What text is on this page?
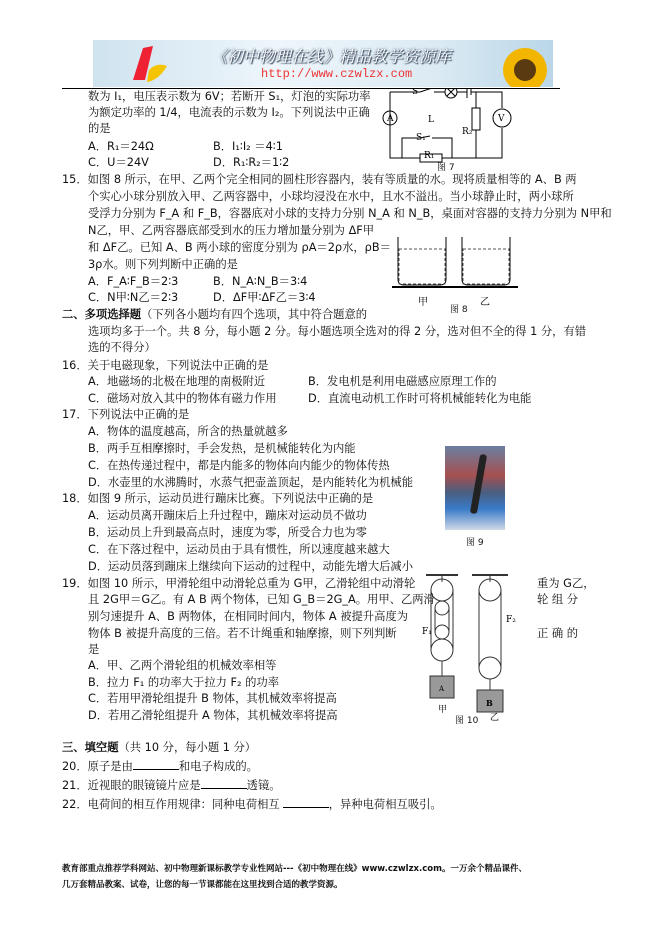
《初中物理在线》精品教学资源库
http://www.czwlzx.com
数为 I₁，电压表示数为 6V；若断开 S₁，灯泡的实际功率
为额定功率的 1/4，电流表的示数为 I₂。下列说法中正确
的是
A．R₁＝24Ω	B．I₁∶I₂ ＝4∶1
C．U＝24V	D．R₁∶R₂＝1∶2
S
L
S₁
R₁
R₂
A	V
图 7
15．如图 8 所示，在甲、乙两个完全相同的圆柱形容器内，装有等质量的水。现将质量相等的 A、B 两
个实心小球分别放入甲、乙两容器中，小球均浸没在水中，且水不溢出。当小球静止时，两小球所
受浮力分别为 F_A 和 F_B，容器底对小球的支持力分别 N_A 和 N_B，桌面对容器的支持力分别为 N甲和
N乙，甲、乙两容器底部受到水的压力增加量分别为 ΔF甲
和 ΔF乙。已知 A、B 两小球的密度分别为 ρA＝2ρ水，ρB＝
3ρ水。则下列判断中正确的是
A．F_A∶F_B＝2∶3	B．N_A∶N_B＝3∶4
C．N甲∶N乙＝2∶3	D．ΔF甲∶ΔF乙＝3∶4	甲	乙
图 8
二、多项选择题（下列各小题均有四个选项，其中符合题意的
选项均多于一个。共 8 分，每小题 2 分。每小题选项全选对的得 2 分，选对但不全的得 1 分，有错
选的不得分）
16．关于电磁现象，下列说法中正确的是
A．地磁场的北极在地理的南极附近	B．发电机是利用电磁感应原理工作的
C．磁场对放入其中的物体有磁力作用	D．直流电动机工作时可将机械能转化为电能
17．下列说法中正确的是
A．物体的温度越高，所含的热量就越多
B．两手互相摩擦时，手会发热，是机械能转化为内能
C．在热传递过程中，都是内能多的物体向内能少的物体传热
D．水壶里的水沸腾时，水蒸气把壶盖顶起，是内能转化为机械能
18．如图 9 所示，运动员进行蹦床比赛。下列说法中正确的是
A．运动员离开蹦床后上升过程中，蹦床对运动员不做功
B．运动员上升到最高点时，速度为零，所受合力也为零
C．在下落过程中，运动员由于具有惯性，所以速度越来越大
D．运动员落到蹦床上继续向下运动的过程中，动能先增大后减小
图 9
19．如图 10 所示，甲滑轮组中动滑轮总重为 G甲，乙滑轮组中动滑轮	重为 G乙，
且 2G甲＝G乙。有 A B 两个物体，已知 G_B＝2G_A。用甲、乙两滑	轮 组 分
别匀速提升 A、B 两物体，在相同时间内，物体 A 被提升高度为
物体 B 被提升高度的三倍。若不计绳重和轴摩擦，则下列判断	正 确 的
是
A．甲、乙两个滑轮组的机械效率相等
B．拉力 F₁ 的功率大于拉力 F₂ 的功率
C．若用甲滑轮组提升 B 物体，其机械效率将提高
D．若用乙滑轮组提升 A 物体，其机械效率将提高
A
B
F₁
F₂
甲
乙
图 10
三、填空题（共 10 分，每小题 1 分）
20．原子是由	和电子构成的。
21．近视眼的眼镜镜片应是	透镜。
22．电荷间的相互作用规律：同种电荷相互	，异种电荷相互吸引。
教育部重点推荐学科网站、初中物理新课标教学专业性网站---《初中物理在线》www.czwlzx.com。一万余个精品课件、
几万套精品教案、试卷，让您的每一节课都能在这里找到合适的教学资源。
